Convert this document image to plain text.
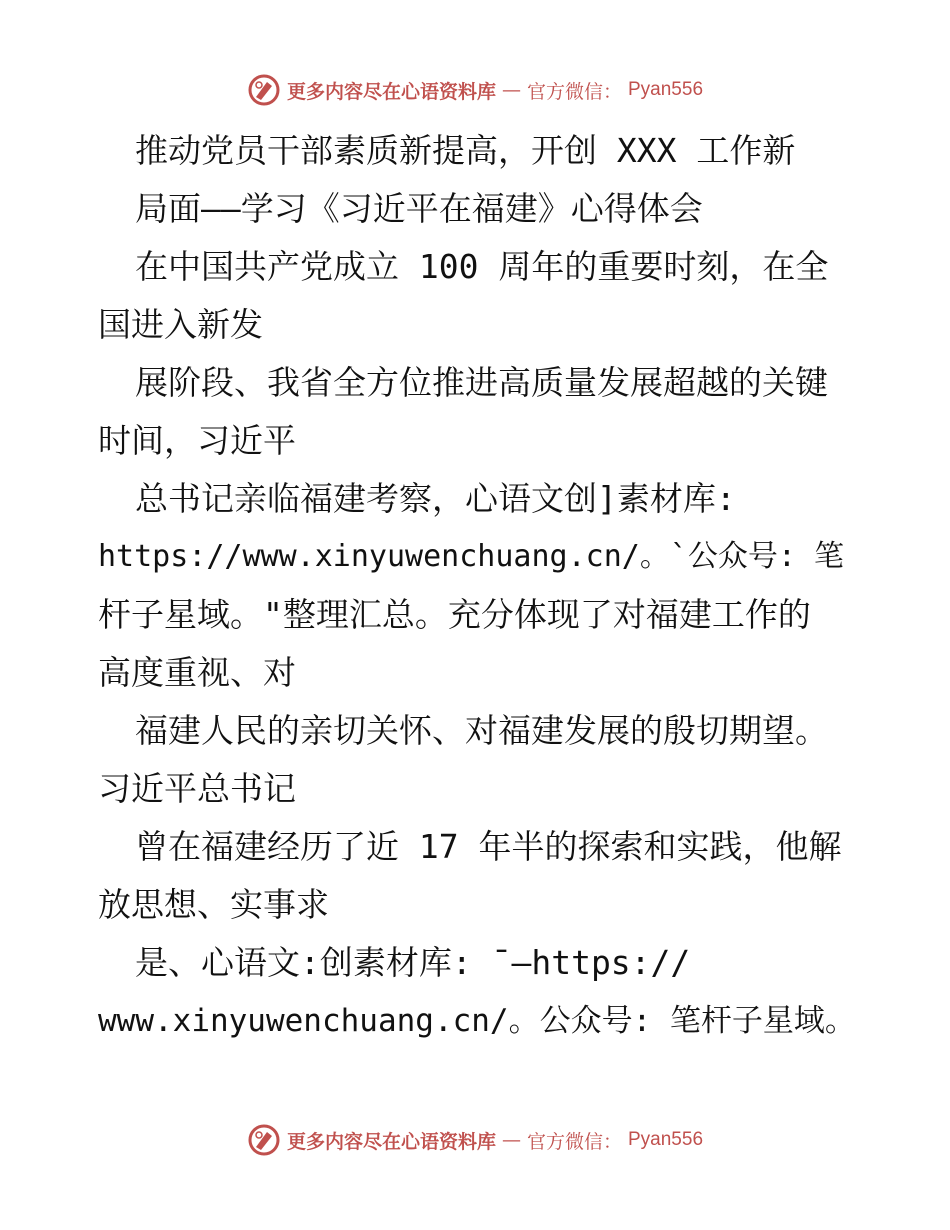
更多内容尽在心语资料库 — 官方微信： Pyan556
推动党员干部素质新提高，开创 XXX 工作新
局面——学习《习近平在福建》心得体会
在中国共产党成立 100 周年的重要时刻，在全
国进入新发
展阶段、我省全方位推进高质量发展超越的关键
时间，习近平
总书记亲临福建考察，心语文创]素材库:
https://www.xinyuwenchuang.cn/。`公众号: 笔
杆子星域。"整理汇总。充分体现了对福建工作的
高度重视、对
福建人民的亲切关怀、对福建发展的殷切期望。
习近平总书记
曾在福建经历了近 17 年半的探索和实践，他解
放思想、实事求
是、心语文:创素材库: ¯—https://
www.xinyuwenchuang.cn/。公众号: 笔杆子星域。
更多内容尽在心语资料库 — 官方微信： Pyan556
